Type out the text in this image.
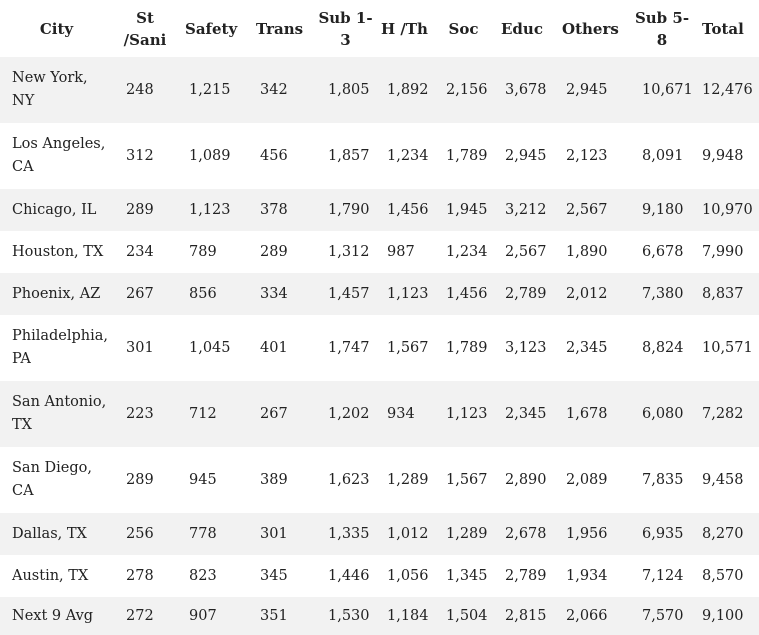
City	St /Sani	Safety	Trans	Sub 1-3	H /Th	Soc	Educ	Others	Sub 5-8	Total
New York, NY	248	1,215	342	1,805	1,892	2,156	3,678	2,945	10,671	12,476
Los Angeles, CA	312	1,089	456	1,857	1,234	1,789	2,945	2,123	8,091	9,948
Chicago, IL	289	1,123	378	1,790	1,456	1,945	3,212	2,567	9,180	10,970
Houston, TX	234	789	289	1,312	987	1,234	2,567	1,890	6,678	7,990
Phoenix, AZ	267	856	334	1,457	1,123	1,456	2,789	2,012	7,380	8,837
Philadelphia, PA	301	1,045	401	1,747	1,567	1,789	3,123	2,345	8,824	10,571
San Antonio, TX	223	712	267	1,202	934	1,123	2,345	1,678	6,080	7,282
San Diego, CA	289	945	389	1,623	1,289	1,567	2,890	2,089	7,835	9,458
Dallas, TX	256	778	301	1,335	1,012	1,289	2,678	1,956	6,935	8,270
Austin, TX	278	823	345	1,446	1,056	1,345	2,789	1,934	7,124	8,570
Next 9 Avg	272	907	351	1,530	1,184	1,504	2,815	2,066	7,570	9,100
